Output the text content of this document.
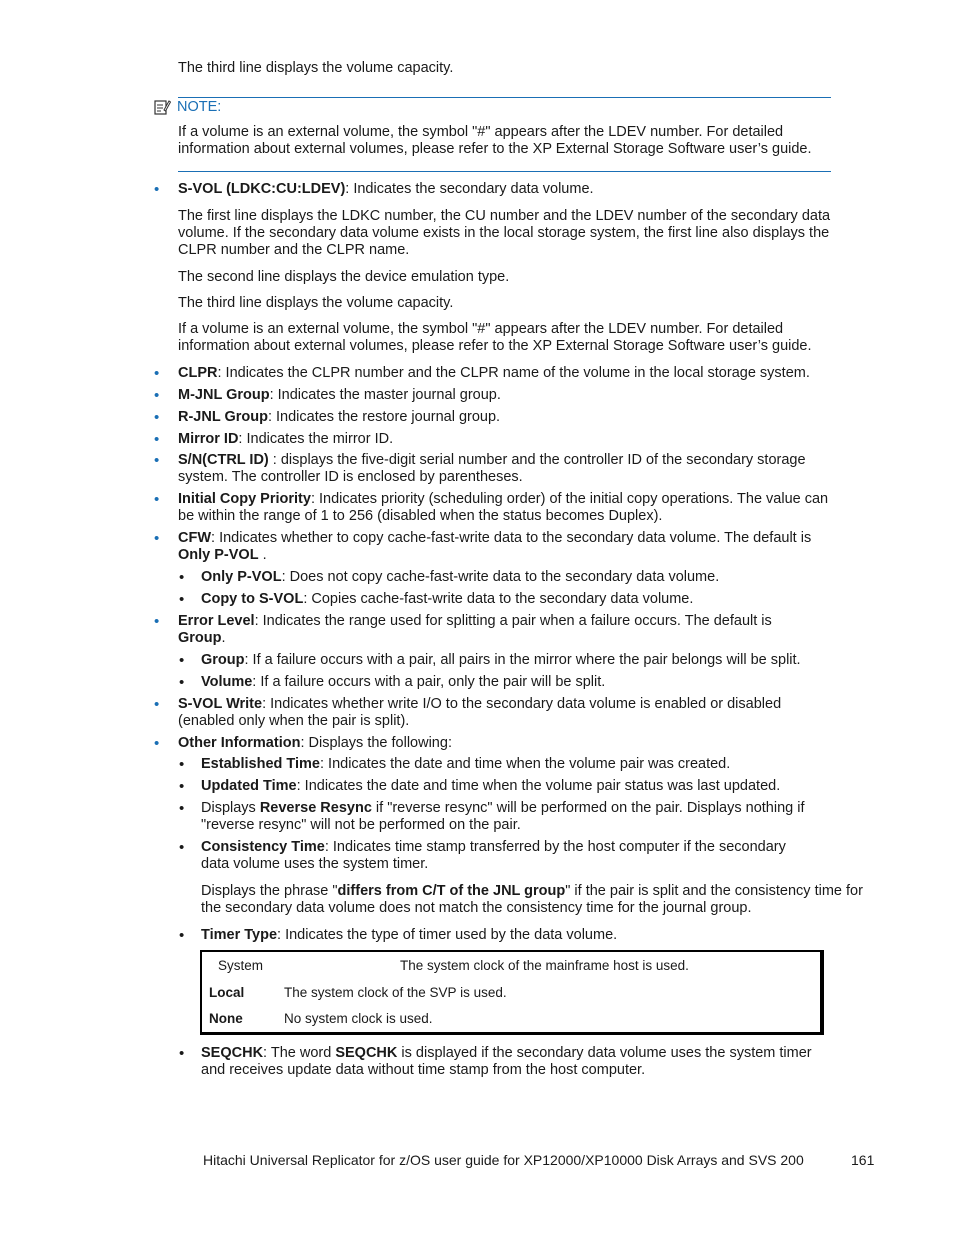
The third line displays the volume capacity.

NOTE:

If a volume is an external volume, the symbol "#" appears after the LDEV number. For detailed information about external volumes, please refer to the XP External Storage Software user’s guide.

• S-VOL (LDKC:CU:LDEV): Indicates the secondary data volume.

The first line displays the LDKC number, the CU number and the LDEV number of the secondary data volume. If the secondary data volume exists in the local storage system, the first line also displays the CLPR number and the CLPR name.

The second line displays the device emulation type.

The third line displays the volume capacity.

If a volume is an external volume, the symbol "#" appears after the LDEV number. For detailed information about external volumes, please refer to the XP External Storage Software user’s guide.

• CLPR: Indicates the CLPR number and the CLPR name of the volume in the local storage system.

• M-JNL Group: Indicates the master journal group.

• R-JNL Group: Indicates the restore journal group.

• Mirror ID: Indicates the mirror ID.

• S/N(CTRL ID) : displays the five-digit serial number and the controller ID of the secondary storage system. The controller ID is enclosed by parentheses.

• Initial Copy Priority: Indicates priority (scheduling order) of the initial copy operations. The value can be within the range of 1 to 256 (disabled when the status becomes Duplex).

• CFW: Indicates whether to copy cache-fast-write data to the secondary data volume. The default is Only P-VOL .

• Only P-VOL: Does not copy cache-fast-write data to the secondary data volume.

• Copy to S-VOL: Copies cache-fast-write data to the secondary data volume.

• Error Level: Indicates the range used for splitting a pair when a failure occurs. The default is Group.

• Group: If a failure occurs with a pair, all pairs in the mirror where the pair belongs will be split.

• Volume: If a failure occurs with a pair, only the pair will be split.

• S-VOL Write: Indicates whether write I/O to the secondary data volume is enabled or disabled (enabled only when the pair is split).

• Other Information: Displays the following:

• Established Time: Indicates the date and time when the volume pair was created.

• Updated Time: Indicates the date and time when the volume pair status was last updated.

• Displays Reverse Resync if "reverse resync" will be performed on the pair. Displays nothing if "reverse resync" will not be performed on the pair.

• Consistency Time: Indicates time stamp transferred by the host computer if the secondary data volume uses the system timer.

Displays the phrase "differs from C/T of the JNL group" if the pair is split and the consistency time for the secondary data volume does not match the consistency time for the journal group.

• Timer Type: Indicates the type of timer used by the data volume.

System	The system clock of the mainframe host is used.
Local	The system clock of the SVP is used.
None	No system clock is used.
• SEQCHK: The word SEQCHK is displayed if the secondary data volume uses the system timer and receives update data without time stamp from the host computer.

Hitachi Universal Replicator for z/OS user guide for XP12000/XP10000 Disk Arrays and SVS 200	161
